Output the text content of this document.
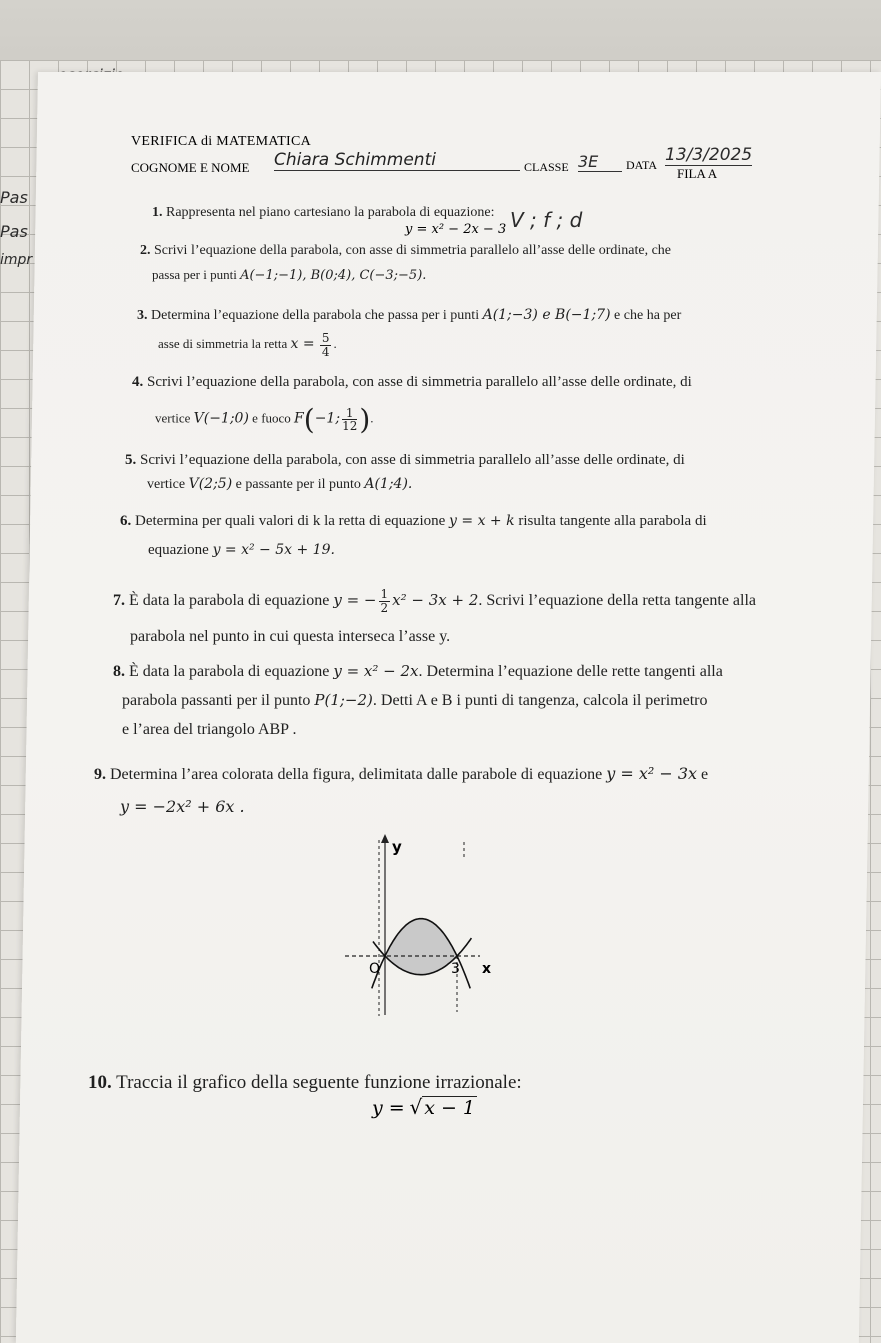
Pas
Pas
impr
VERIFICA di MATEMATICA
COGNOME E NOME Chiara Schimmenti	CLASSE 3E	DATA 13/3/2025
FILA A
1. Rappresenta nel piano cartesiano la parabola di equazione:
y = x² − 2x − 3 V ; f ; d
2. Scrivi l’equazione della parabola, con asse di simmetria parallelo all’asse delle ordinate, che
passa per i punti A(−1;−1), B(0;4), C(−3;−5).
3. Determina l’equazione della parabola che passa per i punti A(1;−3) e B(−1;7) e che ha per
asse di simmetria la retta $x = \frac{5}{4}$ .
4. Scrivi l’equazione della parabola, con asse di simmetria parallelo all’asse delle ordinate, di
vertice V(−1;0) e fuoco F(−1; $\frac{1}{12}$ ).
5. Scrivi l’equazione della parabola, con asse di simmetria parallelo all’asse delle ordinate, di
vertice V(2;5) e passante per il punto A(1;4).
6. Determina per quali valori di k la retta di equazione y = x + k risulta tangente alla parabola di
equazione y = x² − 5x + 19.
7. È data la parabola di equazione y = − $\frac{1}{2} x^2 - 3x + 2$. Scrivi l’equazione della retta tangente alla
parabola nel punto in cui questa interseca l’asse y.
8. È data la parabola di equazione y = x² − 2x. Determina l’equazione delle rette tangenti alla
parabola passanti per il punto P(1;−2). Detti A e B i punti di tangenza, calcola il perimetro
e l’area del triangolo ABP .
9. Determina l’area colorata della figura, delimitata dalle parabole di equazione y = x² − 3x e
y = −2x² + 6x .
y
x
O	3
10. Traccia il grafico della seguente funzione irrazionale:
y = √ x − 1
